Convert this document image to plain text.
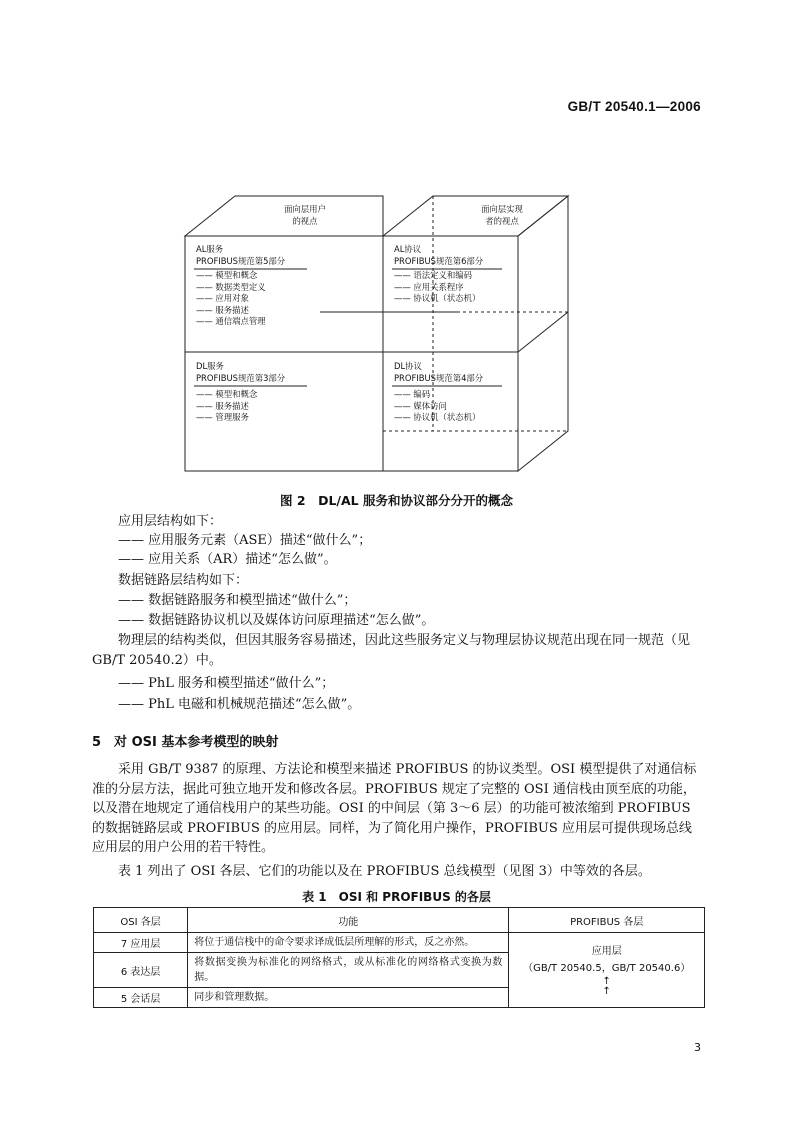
GB/T 20540.1—2006
面向层用户
的视点
面向层实现
者的视点
AL服务
PROFIBUS规范第5部分
—— 模型和概念
—— 数据类型定义
—— 应用对象
—— 服务描述
—— 通信端点管理
AL协议
PROFIBUS规范第6部分
—— 语法定义和编码
—— 应用关系程序
—— 协议机（状态机）
DL服务
PROFIBUS规范第3部分
—— 模型和概念
—— 服务描述
—— 管理服务
DL协议
PROFIBUS规范第4部分
—— 编码
—— 媒体访问
—— 协议机（状态机）
图 2　DL/AL 服务和协议部分分开的概念
应用层结构如下：
—— 应用服务元素（ASE）描述“做什么”；
—— 应用关系（AR）描述“怎么做”。
数据链路层结构如下：
—— 数据链路服务和模型描述“做什么”；
—— 数据链路协议机以及媒体访问原理描述“怎么做”。
物理层的结构类似，但因其服务容易描述，因此这些服务定义与物理层协议规范出现在同一规范（见 GB/T 20540.2）中。
—— PhL 服务和模型描述“做什么”；
—— PhL 电磁和机械规范描述“怎么做”。
5　对 OSI 基本参考模型的映射
采用 GB/T 9387 的原理、方法论和模型来描述 PROFIBUS 的协议类型。OSI 模型提供了对通信标准的分层方法，据此可独立地开发和修改各层。PROFIBUS 规定了完整的 OSI 通信栈由顶至底的功能，以及潜在地规定了通信栈用户的某些功能。OSI 的中间层（第 3～6 层）的功能可被浓缩到 PROFIBUS 的数据链路层或 PROFIBUS 的应用层。同样，为了简化用户操作，PROFIBUS 应用层可提供现场总线应用层的用户公用的若干特性。
表 1 列出了 OSI 各层、它们的功能以及在 PROFIBUS 总线模型（见图 3）中等效的各层。
表 1　OSI 和 PROFIBUS 的各层
OSI 各层	功能	PROFIBUS 各层
7 应用层	将位于通信栈中的命令要求译成低层所理解的形式，反之亦然。	应用层
（GB/T 20540.5，GB/T 20540.6）
↑
↑

6 表达层	将数据变换为标准化的网络格式，或从标准化的网络格式变换为数据。	
5 会话层	同步和管理数据。	
3
